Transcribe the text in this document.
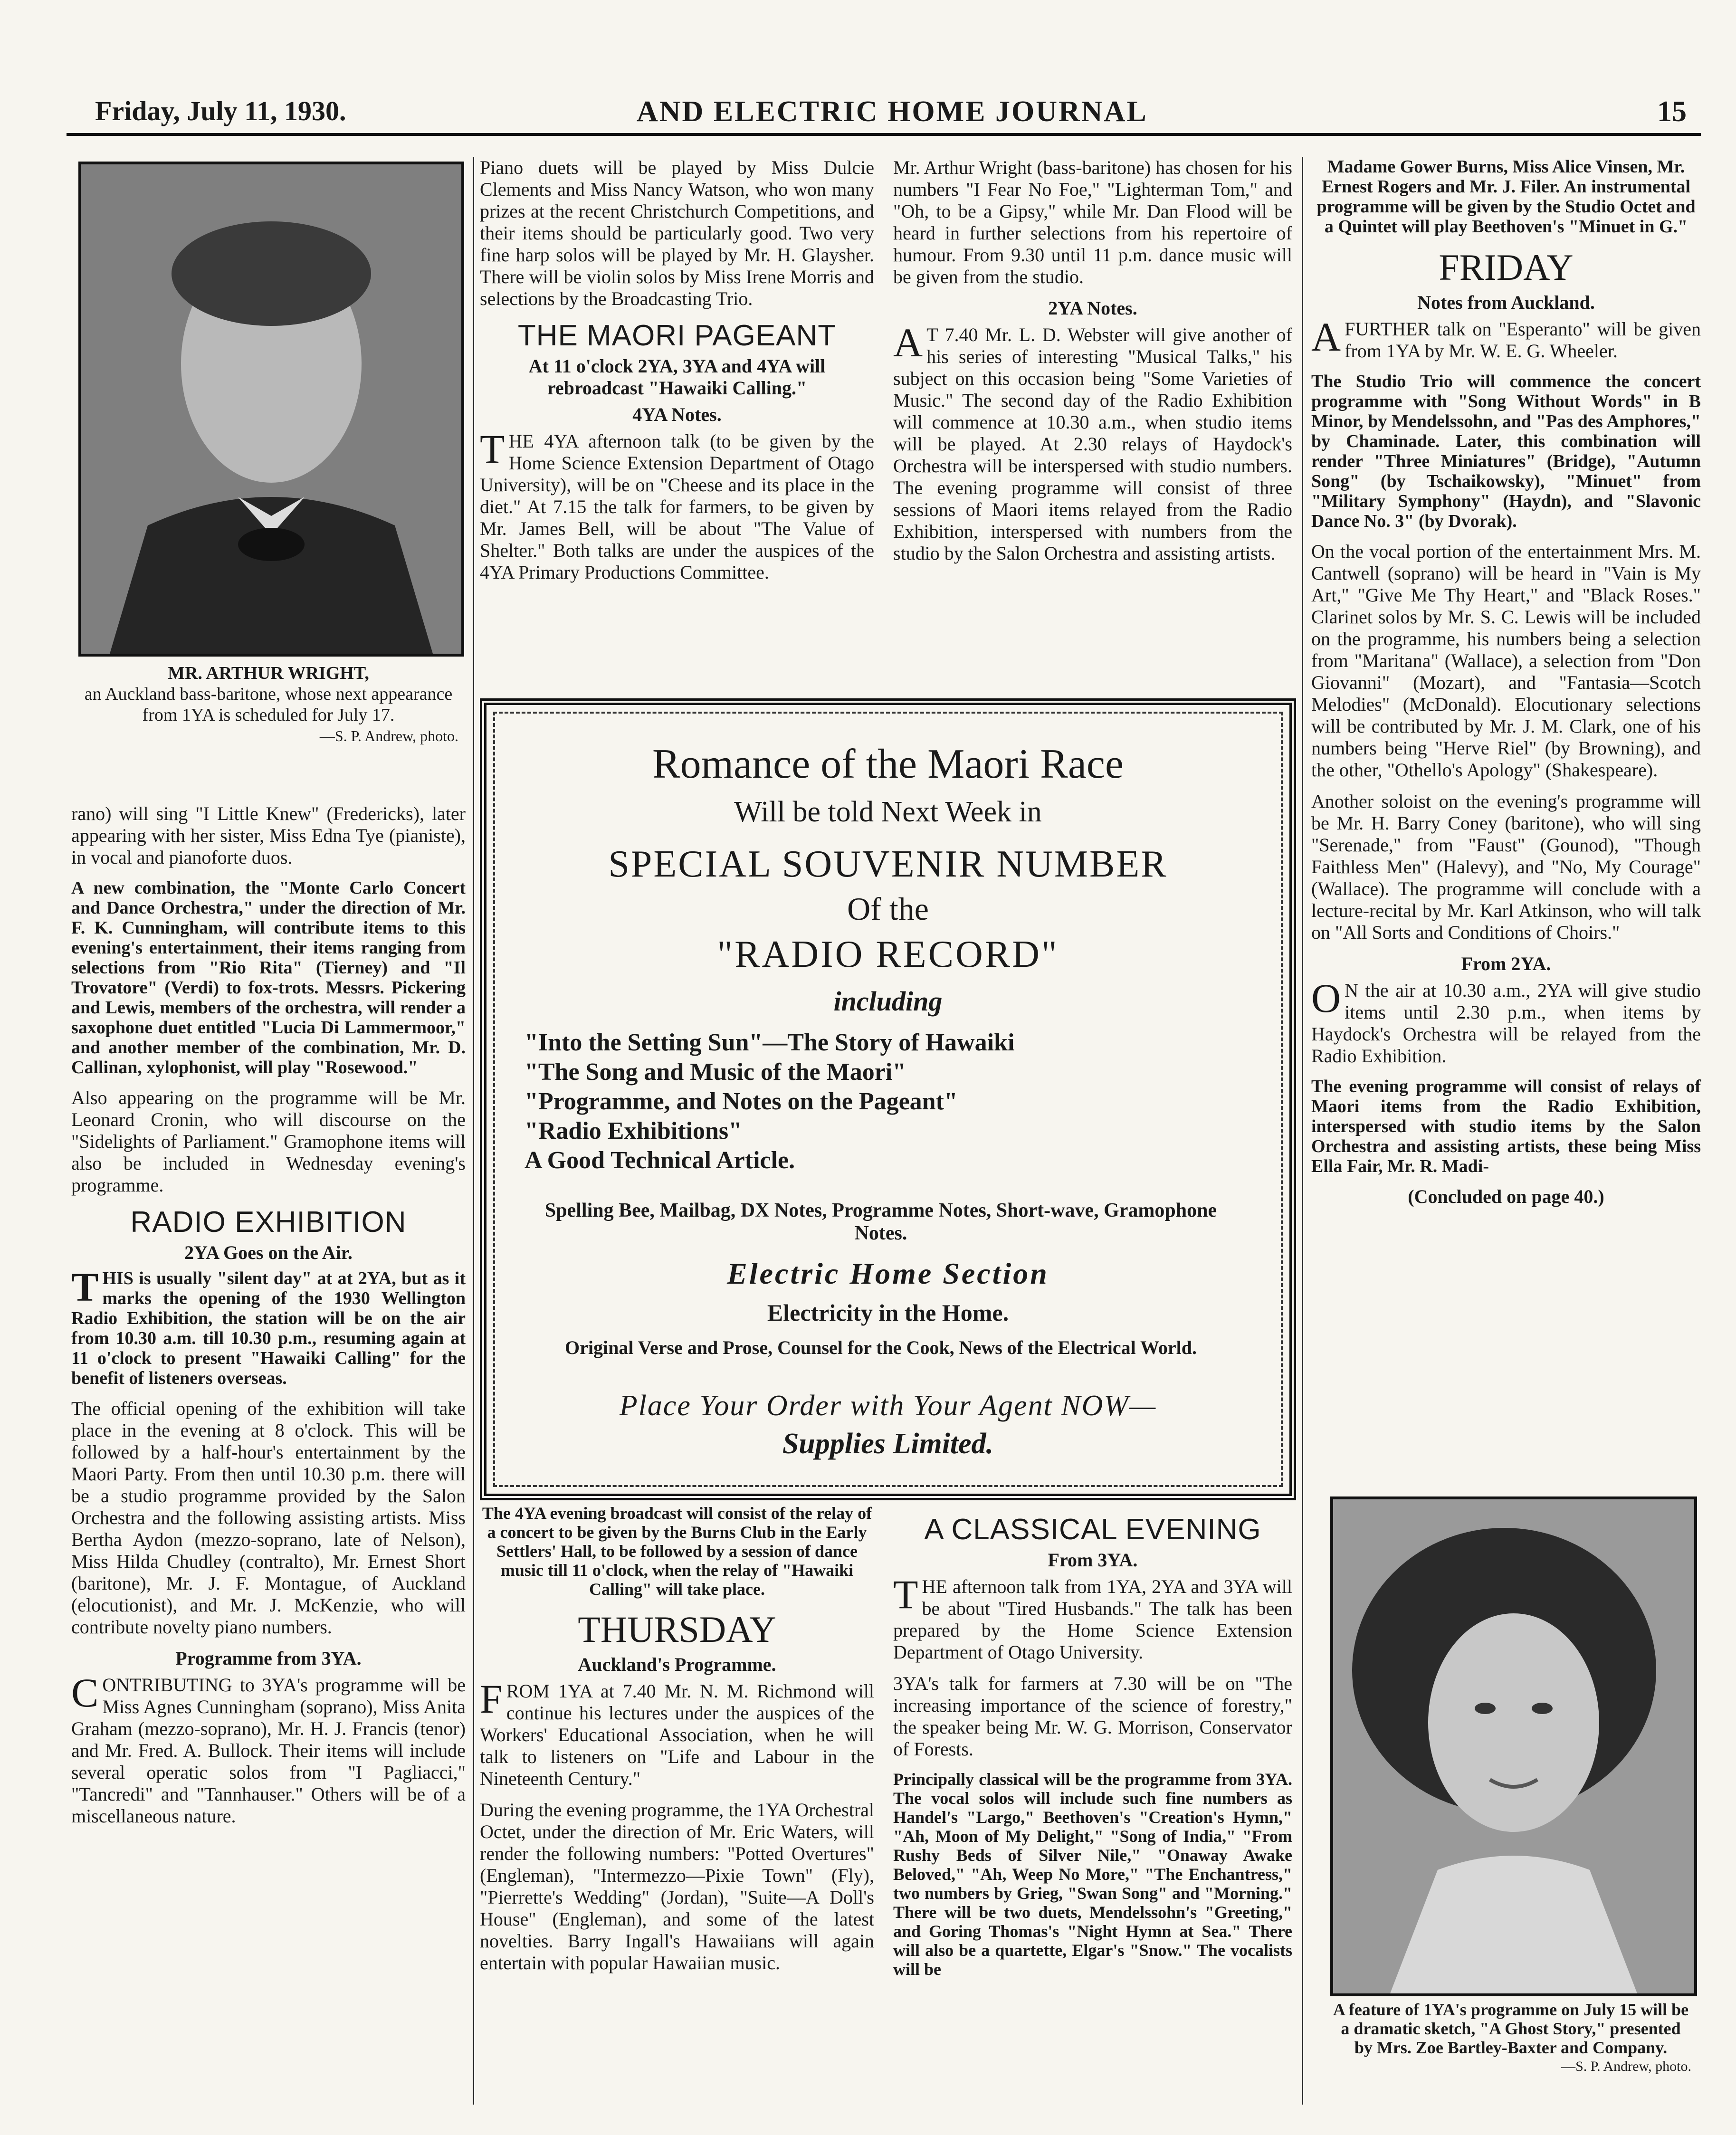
Friday, July 11, 1930.	AND ELECTRIC HOME JOURNAL	15
MR. ARTHUR WRIGHT,
an Auckland bass-baritone, whose next appearance from 1YA is scheduled for July 17.
—S. P. Andrew, photo.

rano) will sing "I Little Knew" (Fredericks), later appearing with her sister, Miss Edna Tye (pianiste), in vocal and pianoforte duos.

A new combination, the "Monte Carlo Concert and Dance Orchestra," under the direction of Mr. F. K. Cunningham, will contribute items to this evening's entertainment, their items ranging from selections from "Rio Rita" (Tierney) and "Il Trovatore" (Verdi) to fox-trots. Messrs. Pickering and Lewis, members of the orchestra, will render a saxophone duet entitled "Lucia Di Lammermoor," and another member of the combination, Mr. D. Callinan, xylophonist, will play "Rosewood."

Also appearing on the programme will be Mr. Leonard Cronin, who will discourse on the "Sidelights of Parliament." Gramophone items will also be included in Wednesday evening's programme.

RADIO EXHIBITION
2YA Goes on the Air.

THIS is usually "silent day" at at 2YA, but as it marks the opening of the 1930 Wellington Radio Exhibition, the station will be on the air from 10.30 a.m. till 10.30 p.m., resuming again at 11 o'clock to present "Hawaiki Calling" for the benefit of listeners overseas.

The official opening of the exhibition will take place in the evening at 8 o'clock. This will be followed by a half-hour's entertainment by the Maori Party. From then until 10.30 p.m. there will be a studio programme provided by the Salon Orchestra and the following assisting artists. Miss Bertha Aydon (mezzo-soprano, late of Nelson), Miss Hilda Chudley (contralto), Mr. Ernest Short (baritone), Mr. J. F. Montague, of Auckland (elocutionist), and Mr. J. McKenzie, who will contribute novelty piano numbers.

Programme from 3YA.

CONTRIBUTING to 3YA's programme will be Miss Agnes Cunningham (soprano), Miss Anita Graham (mezzo-soprano), Mr. H. J. Francis (tenor) and Mr. Fred. A. Bullock. Their items will include several operatic solos from "I Pagliacci," "Tancredi" and "Tannhauser." Others will be of a miscellaneous nature.

Piano duets will be played by Miss Dulcie Clements and Miss Nancy Watson, who won many prizes at the recent Christchurch Competitions, and their items should be particularly good. Two very fine harp solos will be played by Mr. H. Glaysher. There will be violin solos by Miss Irene Morris and selections by the Broadcasting Trio.

THE MAORI PAGEANT
At 11 o'clock 2YA, 3YA and 4YA will rebroadcast "Hawaiki Calling."
4YA Notes.

THE 4YA afternoon talk (to be given by the Home Science Extension Department of Otago University), will be on "Cheese and its place in the diet." At 7.15 the talk for farmers, to be given by Mr. James Bell, will be about "The Value of Shelter." Both talks are under the auspices of the 4YA Primary Productions Committee.

Mr. Arthur Wright (bass-baritone) has chosen for his numbers "I Fear No Foe," "Lighterman Tom," and "Oh, to be a Gipsy," while Mr. Dan Flood will be heard in further selections from his repertoire of humour. From 9.30 until 11 p.m. dance music will be given from the studio.

2YA Notes.

AT 7.40 Mr. L. D. Webster will give another of his series of interesting "Musical Talks," his subject on this occasion being "Some Varieties of Music." The second day of the Radio Exhibition will commence at 10.30 a.m., when studio items will be played. At 2.30 relays of Haydock's Orchestra will be interspersed with studio numbers. The evening programme will consist of three sessions of Maori items relayed from the Radio Exhibition, interspersed with numbers from the studio by the Salon Orchestra and assisting artists.

Romance of the Maori Race
Will be told Next Week in
SPECIAL SOUVENIR NUMBER
Of the
"RADIO RECORD"
including
"Into the Setting Sun"—The Story of Hawaiki
"The Song and Music of the Maori"
"Programme, and Notes on the Pageant"
"Radio Exhibitions"
A Good Technical Article.
Spelling Bee, Mailbag, DX Notes, Programme Notes, Short-wave, Gramophone Notes.
Electric Home Section
Electricity in the Home.
Original Verse and Prose, Counsel for the Cook, News of the Electrical World.
Place Your Order with Your Agent NOW—
Supplies Limited.

The 4YA evening broadcast will consist of the relay of a concert to be given by the Burns Club in the Early Settlers' Hall, to be followed by a session of dance music till 11 o'clock, when the relay of "Hawaiki Calling" will take place.

THURSDAY
Auckland's Programme.

FROM 1YA at 7.40 Mr. N. M. Richmond will continue his lectures under the auspices of the Workers' Educational Association, when he will talk to listeners on "Life and Labour in the Nineteenth Century."

During the evening programme, the 1YA Orchestral Octet, under the direction of Mr. Eric Waters, will render the following numbers: "Potted Overtures" (Engleman), "Intermezzo—Pixie Town" (Fly), "Pierrette's Wedding" (Jordan), "Suite—A Doll's House" (Engleman), and some of the latest novelties. Barry Ingall's Hawaiians will again entertain with popular Hawaiian music.

A CLASSICAL EVENING
From 3YA.

THE afternoon talk from 1YA, 2YA and 3YA will be about "Tired Husbands." The talk has been prepared by the Home Science Extension Department of Otago University.

3YA's talk for farmers at 7.30 will be on "The increasing importance of the science of forestry," the speaker being Mr. W. G. Morrison, Conservator of Forests.

Principally classical will be the programme from 3YA. The vocal solos will include such fine numbers as Handel's "Largo," Beethoven's "Creation's Hymn," "Ah, Moon of My Delight," "Song of India," "From Rushy Beds of Silver Nile," "Onaway Awake Beloved," "Ah, Weep No More," "The Enchantress," two numbers by Grieg, "Swan Song" and "Morning." There will be two duets, Mendelssohn's "Greeting," and Goring Thomas's "Night Hymn at Sea." There will also be a quartette, Elgar's "Snow." The vocalists will be

Madame Gower Burns, Miss Alice Vinsen, Mr. Ernest Rogers and Mr. J. Filer. An instrumental programme will be given by the Studio Octet and a Quintet will play Beethoven's "Minuet in G."

FRIDAY
Notes from Auckland.

AFURTHER talk on "Esperanto" will be given from 1YA by Mr. W. E. G. Wheeler.

The Studio Trio will commence the concert programme with "Song Without Words" in B Minor, by Mendelssohn, and "Pas des Amphores," by Chaminade. Later, this combination will render "Three Miniatures" (Bridge), "Autumn Song" (by Tschaikowsky), "Minuet" from "Military Symphony" (Haydn), and "Slavonic Dance No. 3" (by Dvorak).

On the vocal portion of the entertainment Mrs. M. Cantwell (soprano) will be heard in "Vain is My Art," "Give Me Thy Heart," and "Black Roses." Clarinet solos by Mr. S. C. Lewis will be included on the programme, his numbers being a selection from "Maritana" (Wallace), a selection from "Don Giovanni" (Mozart), and "Fantasia—Scotch Melodies" (McDonald). Elocutionary selections will be contributed by Mr. J. M. Clark, one of his numbers being "Herve Riel" (by Browning), and the other, "Othello's Apology" (Shakespeare).

Another soloist on the evening's programme will be Mr. H. Barry Coney (baritone), who will sing "Serenade," from "Faust" (Gounod), "Though Faithless Men" (Halevy), and "No, My Courage" (Wallace). The programme will conclude with a lecture-recital by Mr. Karl Atkinson, who will talk on "All Sorts and Conditions of Choirs."

From 2YA.

ON the air at 10.30 a.m., 2YA will give studio items until 2.30 p.m., when items by Haydock's Orchestra will be relayed from the Radio Exhibition.

The evening programme will consist of relays of Maori items from the Radio Exhibition, interspersed with studio items by the Salon Orchestra and assisting artists, these being Miss Ella Fair, Mr. R. Madi-

(Concluded on page 40.)
A feature of 1YA's programme on July 15 will be a dramatic sketch, "A Ghost Story," presented by Mrs. Zoe Bartley-Baxter and Company.
—S. P. Andrew, photo.
